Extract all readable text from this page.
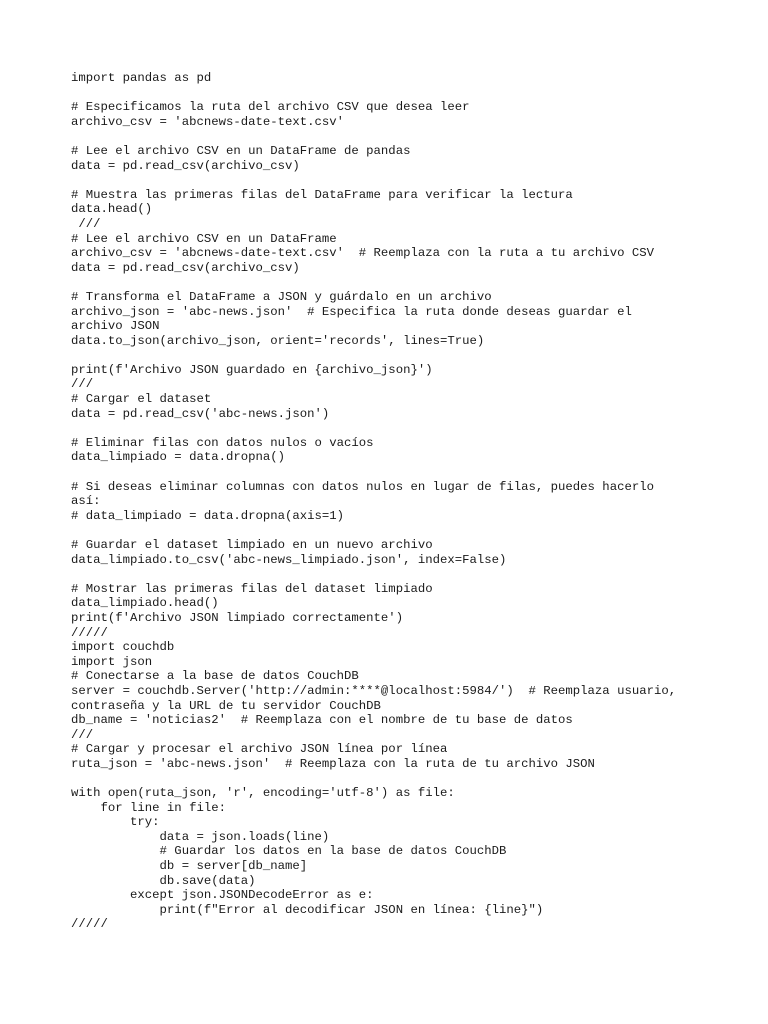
import pandas as pd
# Especificamos la ruta del archivo CSV que desea leer
archivo_csv = 'abcnews-date-text.csv'
# Lee el archivo CSV en un DataFrame de pandas
data = pd.read_csv(archivo_csv)
# Muestra las primeras filas del DataFrame para verificar la lectura
data.head()
///
# Lee el archivo CSV en un DataFrame
archivo_csv = 'abcnews-date-text.csv'  # Reemplaza con la ruta a tu archivo CSV
data = pd.read_csv(archivo_csv)
# Transforma el DataFrame a JSON y guárdalo en un archivo
archivo_json = 'abc-news.json'  # Especifica la ruta donde deseas guardar el
archivo JSON
data.to_json(archivo_json, orient='records', lines=True)
print(f'Archivo JSON guardado en {archivo_json}')
///
# Cargar el dataset
data = pd.read_csv('abc-news.json')
# Eliminar filas con datos nulos o vacíos
data_limpiado = data.dropna()
# Si deseas eliminar columnas con datos nulos en lugar de filas, puedes hacerlo
así:
# data_limpiado = data.dropna(axis=1)
# Guardar el dataset limpiado en un nuevo archivo
data_limpiado.to_csv('abc-news_limpiado.json', index=False)
# Mostrar las primeras filas del dataset limpiado
data_limpiado.head()
print(f'Archivo JSON limpiado correctamente')
/////
import couchdb
import json
# Conectarse a la base de datos CouchDB
server = couchdb.Server('http://admin:****@localhost:5984/')  # Reemplaza usuario,
contraseña y la URL de tu servidor CouchDB
db_name = 'noticias2'  # Reemplaza con el nombre de tu base de datos
///
# Cargar y procesar el archivo JSON línea por línea
ruta_json = 'abc-news.json'  # Reemplaza con la ruta de tu archivo JSON
with open(ruta_json, 'r', encoding='utf-8') as file:
for line in file:
try:
data = json.loads(line)
# Guardar los datos en la base de datos CouchDB
db = server[db_name]
db.save(data)
except json.JSONDecodeError as e:
print(f"Error al decodificar JSON en línea: {line}")
/////
